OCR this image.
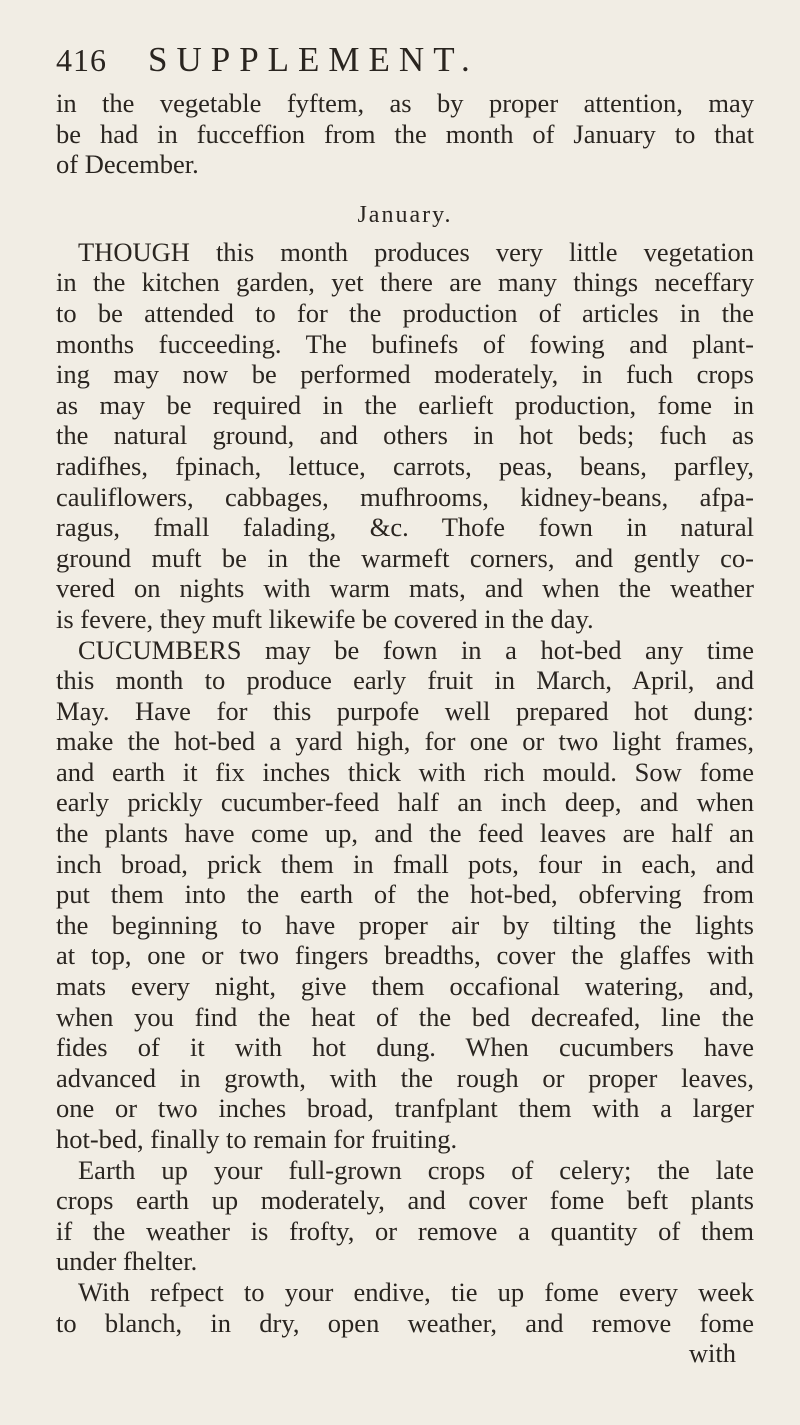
416	SUPPLEMENT.
in the vegetable fyftem, as by proper attention, may
be had in fucceffion from the month of January to that
of December.
January.
THOUGH this month produces very little vegetation
in the kitchen garden, yet there are many things neceffary
to be attended to for the production of articles in the
months fucceeding. The bufinefs of fowing and plant-
ing may now be performed moderately, in fuch crops
as may be required in the earlieft production, fome in
the natural ground, and others in hot beds; fuch as
radifhes, fpinach, lettuce, carrots, peas, beans, parfley,
cauliflowers, cabbages, mufhrooms, kidney-beans, afpa-
ragus, fmall falading, &c. Thofe fown in natural
ground muft be in the warmeft corners, and gently co-
vered on nights with warm mats, and when the weather
is fevere, they muft likewife be covered in the day.
CUCUMBERS may be fown in a hot-bed any time
this month to produce early fruit in March, April, and
May. Have for this purpofe well prepared hot dung:
make the hot-bed a yard high, for one or two light frames,
and earth it fix inches thick with rich mould. Sow fome
early prickly cucumber-feed half an inch deep, and when
the plants have come up, and the feed leaves are half an
inch broad, prick them in fmall pots, four in each, and
put them into the earth of the hot-bed, obferving from
the beginning to have proper air by tilting the lights
at top, one or two fingers breadths, cover the glaffes with
mats every night, give them occafional watering, and,
when you find the heat of the bed decreafed, line the
fides of it with hot dung. When cucumbers have
advanced in growth, with the rough or proper leaves,
one or two inches broad, tranfplant them with a larger
hot-bed, finally to remain for fruiting.
Earth up your full-grown crops of celery; the late
crops earth up moderately, and cover fome beft plants
if the weather is frofty, or remove a quantity of them
under fhelter.
With refpect to your endive, tie up fome every week
to blanch, in dry, open weather, and remove fome
with
